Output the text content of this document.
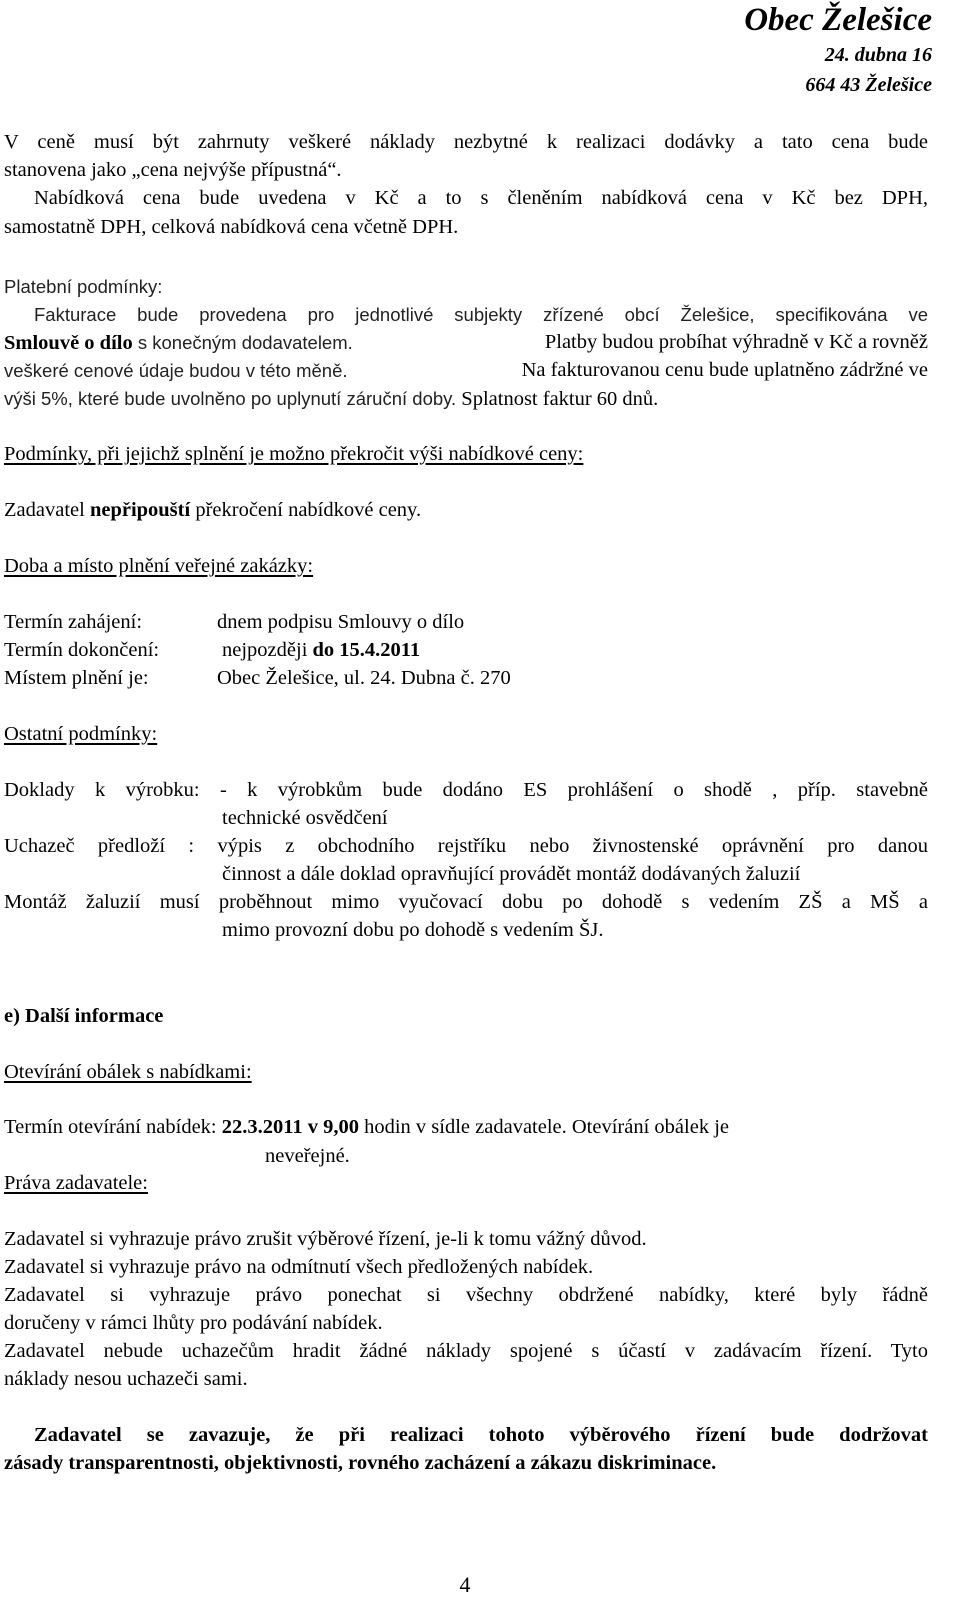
Obec Želešice
24. dubna 16
664 43 Želešice
V ceně musí být zahrnuty veškeré náklady nezbytné k realizaci dodávky a tato cena bude
stanovena jako „cena nejvýše přípustná“.
Nabídková cena bude uvedena v Kč a to s členěním nabídková cena v Kč bez DPH,
samostatně DPH, celková nabídková cena včetně DPH.
Platební podmínky:
Fakturace bude provedena pro jednotlivé subjekty zřízené obcí Želešice, specifikována ve
Smlouvě o dílo s konečným dodavatelem.	Platby budou probíhat výhradně v Kč a rovněž
veškeré cenové údaje budou v této měně.	Na fakturovanou cenu bude uplatněno zádržné ve
výši 5%, které bude uvolněno po uplynutí záruční doby. Splatnost faktur 60 dnů.
Podmínky, při jejichž splnění je možno překročit výši nabídkové ceny:
Zadavatel nepřipouští překročení nabídkové ceny.
Doba a místo plnění veřejné zakázky:
Termín zahájení:	dnem podpisu Smlouvy o dílo
Termín dokončení:	nejpozději do 15.4.2011
Místem plnění je:	Obec Želešice, ul. 24. Dubna č. 270
Ostatní podmínky:
Doklady k výrobku: - k výrobkům bude dodáno ES prohlášení o shodě , příp. stavebně
technické osvědčení
Uchazeč předloží : výpis z obchodního rejstříku nebo živnostenské oprávnění pro danou
činnost a dále doklad opravňující provádět montáž dodávaných žaluzií
Montáž žaluzií musí proběhnout mimo vyučovací dobu po dohodě s vedením ZŠ a MŠ a
mimo provozní dobu po dohodě s vedením ŠJ.
e) Další informace
Otevírání obálek s nabídkami:
Termín otevírání nabídek: 22.3.2011 v 9,00 hodin v sídle zadavatele. Otevírání obálek je
neveřejné.
Práva zadavatele:
Zadavatel si vyhrazuje právo zrušit výběrové řízení, je-li k tomu vážný důvod.
Zadavatel si vyhrazuje právo na odmítnutí všech předložených nabídek.
Zadavatel si vyhrazuje právo ponechat si všechny obdržené nabídky, které byly řádně
doručeny v rámci lhůty pro podávání nabídek.
Zadavatel nebude uchazečům hradit žádné náklady spojené s účastí v zadávacím řízení. Tyto
náklady nesou uchazeči sami.
Zadavatel se zavazuje, že při realizaci tohoto výběrového řízení bude dodržovat
zásady transparentnosti, objektivnosti, rovného zacházení a zákazu diskriminace.
4
